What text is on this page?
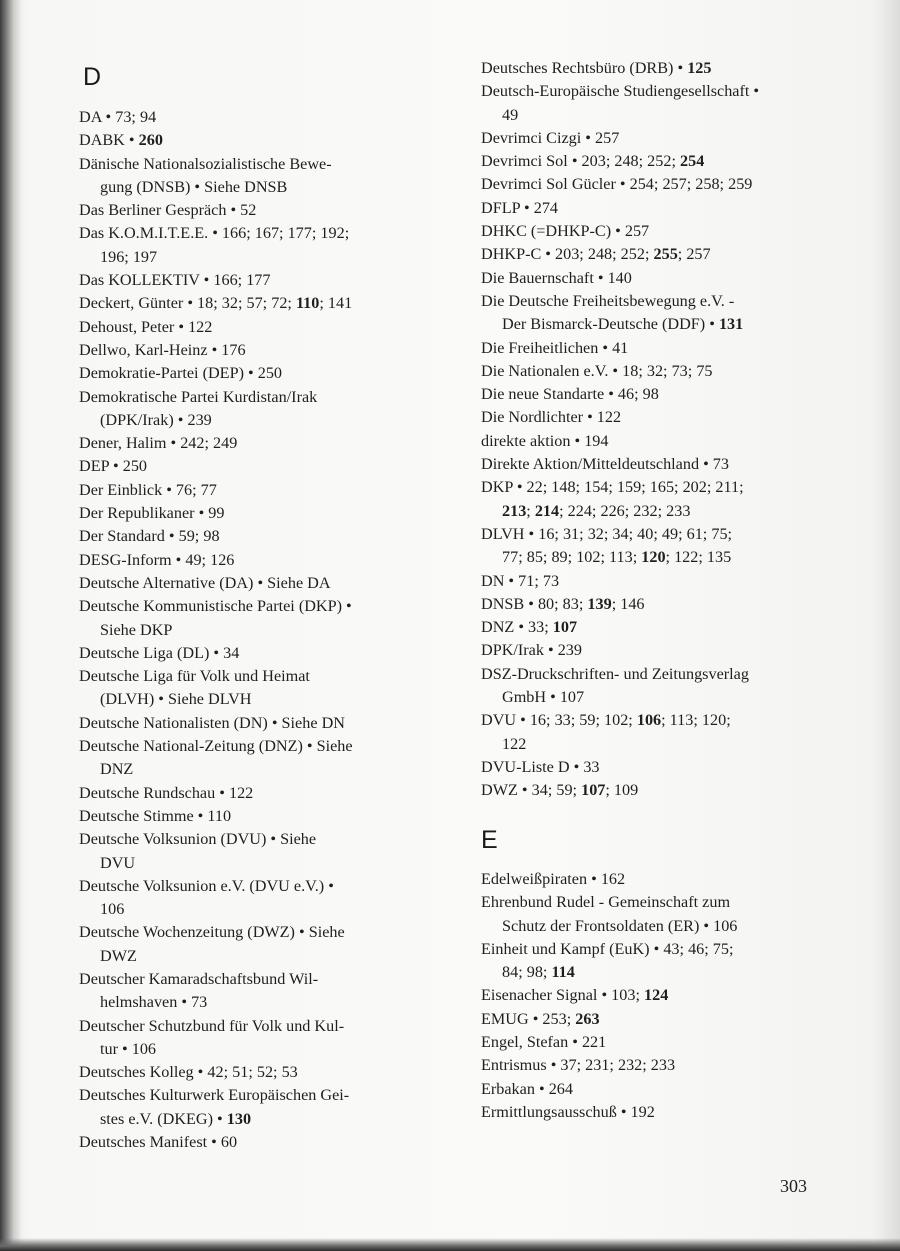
D

DA • 73; 94

DABK • 260

Dänische Nationalsozialistische Bewe-
gung (DNSB) • Siehe DNSB

Das Berliner Gespräch • 52

Das K.O.M.I.T.E.E. • 166; 167; 177; 192;
196; 197

Das KOLLEKTIV • 166; 177

Deckert, Günter • 18; 32; 57; 72; 110; 141

Dehoust, Peter • 122

Dellwo, Karl-Heinz • 176

Demokratie-Partei (DEP) • 250

Demokratische Partei Kurdistan/Irak
(DPK/Irak) • 239

Dener, Halim • 242; 249

DEP • 250

Der Einblick • 76; 77

Der Republikaner • 99

Der Standard • 59; 98

DESG-Inform • 49; 126

Deutsche Alternative (DA) • Siehe DA

Deutsche Kommunistische Partei (DKP) •
Siehe DKP

Deutsche Liga (DL) • 34

Deutsche Liga für Volk und Heimat
(DLVH) • Siehe DLVH

Deutsche Nationalisten (DN) • Siehe DN

Deutsche National-Zeitung (DNZ) • Siehe
DNZ

Deutsche Rundschau • 122

Deutsche Stimme • 110

Deutsche Volksunion (DVU) • Siehe
DVU

Deutsche Volksunion e.V. (DVU e.V.) •
106

Deutsche Wochenzeitung (DWZ) • Siehe
DWZ

Deutscher Kamaradschaftsbund Wil-
helmshaven • 73

Deutscher Schutzbund für Volk und Kul-
tur • 106

Deutsches Kolleg • 42; 51; 52; 53

Deutsches Kulturwerk Europäischen Gei-
stes e.V. (DKEG) • 130

Deutsches Manifest • 60

Deutsches Rechtsbüro (DRB) • 125

Deutsch-Europäische Studiengesellschaft •
49

Devrimci Cizgi • 257

Devrimci Sol • 203; 248; 252; 254

Devrimci Sol Gücler • 254; 257; 258; 259

DFLP • 274

DHKC (=DHKP-C) • 257

DHKP-C • 203; 248; 252; 255; 257

Die Bauernschaft • 140

Die Deutsche Freiheitsbewegung e.V. -
Der Bismarck-Deutsche (DDF) • 131

Die Freiheitlichen • 41

Die Nationalen e.V. • 18; 32; 73; 75

Die neue Standarte • 46; 98

Die Nordlichter • 122

direkte aktion • 194

Direkte Aktion/Mitteldeutschland • 73

DKP • 22; 148; 154; 159; 165; 202; 211;
213; 214; 224; 226; 232; 233

DLVH • 16; 31; 32; 34; 40; 49; 61; 75;
77; 85; 89; 102; 113; 120; 122; 135

DN • 71; 73

DNSB • 80; 83; 139; 146

DNZ • 33; 107

DPK/Irak • 239

DSZ-Druckschriften- und Zeitungsverlag
GmbH • 107

DVU • 16; 33; 59; 102; 106; 113; 120;
122

DVU-Liste D • 33

DWZ • 34; 59; 107; 109

E

Edelweißpiraten • 162

Ehrenbund Rudel - Gemeinschaft zum
Schutz der Frontsoldaten (ER) • 106

Einheit und Kampf (EuK) • 43; 46; 75;
84; 98; 114

Eisenacher Signal • 103; 124

EMUG • 253; 263

Engel, Stefan • 221

Entrismus • 37; 231; 232; 233

Erbakan • 264

Ermittlungsausschuß • 192

303
